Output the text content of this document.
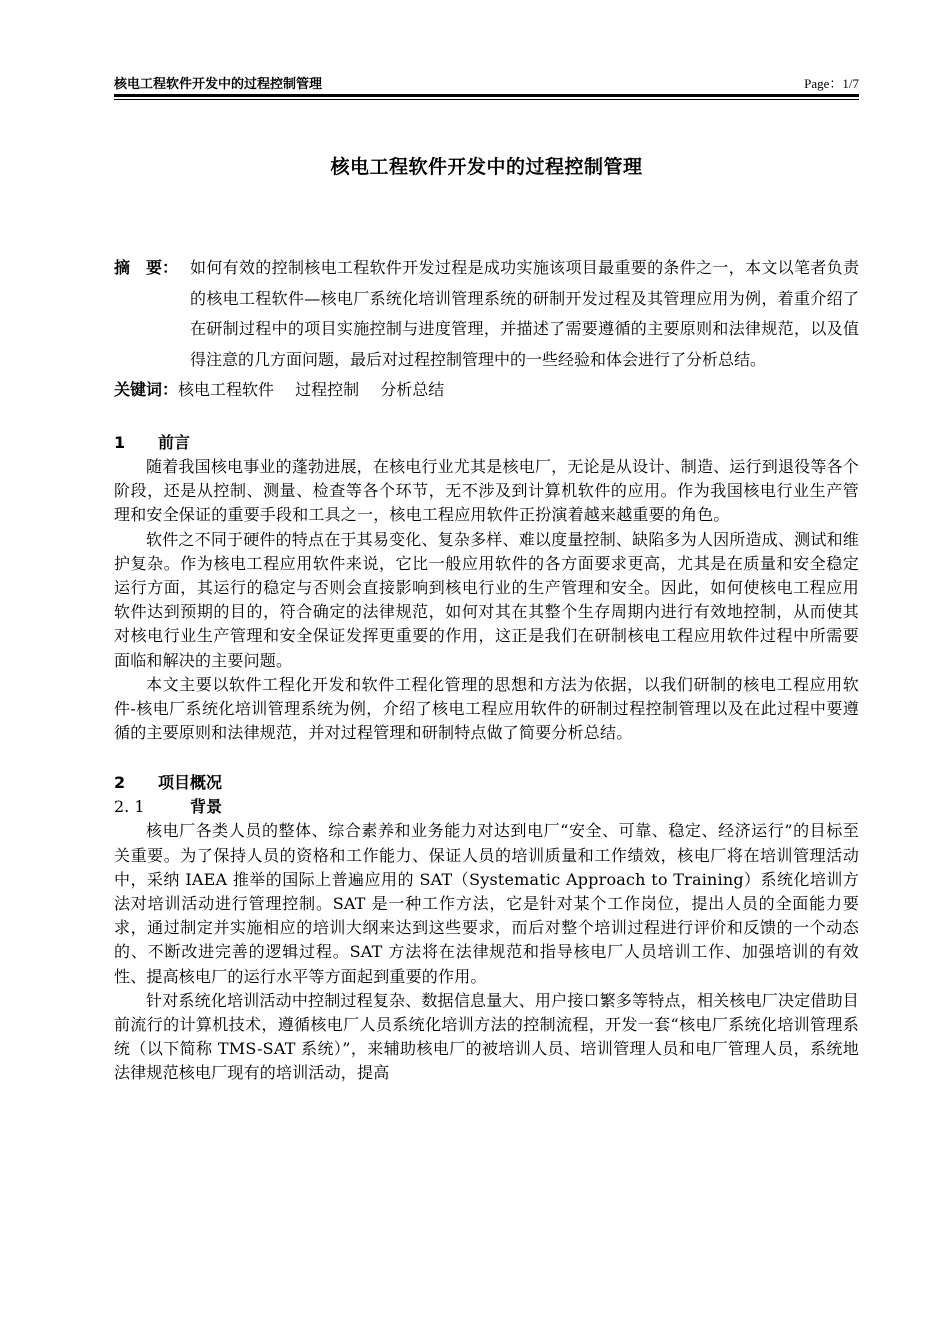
核电工程软件开发中的过程控制管理	Page：1/7
核电工程软件开发中的过程控制管理
摘　要： 如何有效的控制核电工程软件开发过程是成功实施该项目最重要的条件之一，本文以笔者负责的核电工程软件—核电厂系统化培训管理系统的研制开发过程及其管理应用为例，着重介绍了在研制过程中的项目实施控制与进度管理，并描述了需要遵循的主要原则和法律规范，以及值得注意的几方面问题，最后对过程控制管理中的一些经验和体会进行了分析总结。
关键词：核电工程软件　 过程控制　 分析总结
1 前言

随着我国核电事业的蓬勃进展，在核电行业尤其是核电厂，无论是从设计、制造、运行到退役等各个阶段，还是从控制、测量、检查等各个环节，无不涉及到计算机软件的应用。作为我国核电行业生产管理和安全保证的重要手段和工具之一，核电工程应用软件正扮演着越来越重要的角色。

软件之不同于硬件的特点在于其易变化、复杂多样、难以度量控制、缺陷多为人因所造成、测试和维护复杂。作为核电工程应用软件来说，它比一般应用软件的各方面要求更高，尤其是在质量和安全稳定运行方面，其运行的稳定与否则会直接影响到核电行业的生产管理和安全。因此，如何使核电工程应用软件达到预期的目的，符合确定的法律规范，如何对其在其整个生存周期内进行有效地控制，从而使其对核电行业生产管理和安全保证发挥更重要的作用，这正是我们在研制核电工程应用软件过程中所需要面临和解决的主要问题。

本文主要以软件工程化开发和软件工程化管理的思想和方法为依据，以我们研制的核电工程应用软件-核电厂系统化培训管理系统为例，介绍了核电工程应用软件的研制过程控制管理以及在此过程中要遵循的主要原则和法律规范，并对过程管理和研制特点做了简要分析总结。

2 项目概况
2. 1	背景

核电厂各类人员的整体、综合素养和业务能力对达到电厂“安全、可靠、稳定、经济运行”的目标至关重要。为了保持人员的资格和工作能力、保证人员的培训质量和工作绩效，核电厂将在培训管理活动中，采纳 IAEA 推举的国际上普遍应用的 SAT（Systematic Approach to Training）系统化培训方法对培训活动进行管理控制。SAT 是一种工作方法，它是针对某个工作岗位，提出人员的全面能力要求，通过制定并实施相应的培训大纲来达到这些要求，而后对整个培训过程进行评价和反馈的一个动态的、不断改进完善的逻辑过程。SAT 方法将在法律规范和指导核电厂人员培训工作、加强培训的有效性、提高核电厂的运行水平等方面起到重要的作用。

针对系统化培训活动中控制过程复杂、数据信息量大、用户接口繁多等特点，相关核电厂决定借助目前流行的计算机技术，遵循核电厂人员系统化培训方法的控制流程，开发一套“核电厂系统化培训管理系统（以下简称 TMS-SAT 系统）”，来辅助核电厂的被培训人员、培训管理人员和电厂管理人员，系统地法律规范核电厂现有的培训活动，提高
